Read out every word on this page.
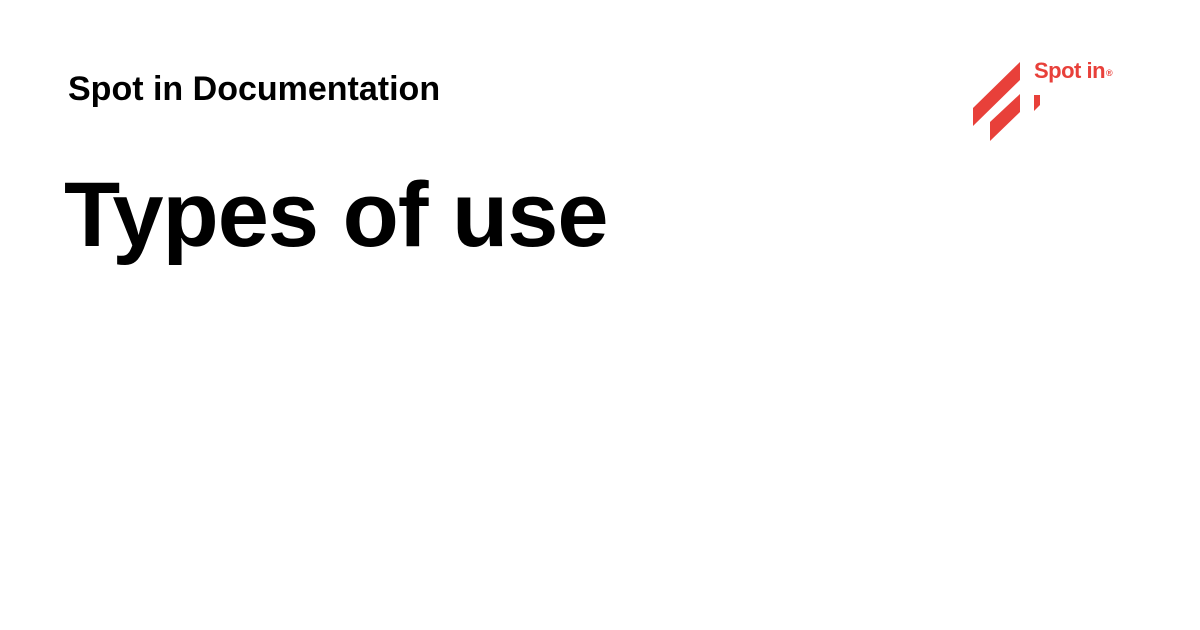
Spot in Documentation
Types of use
Spot in®
